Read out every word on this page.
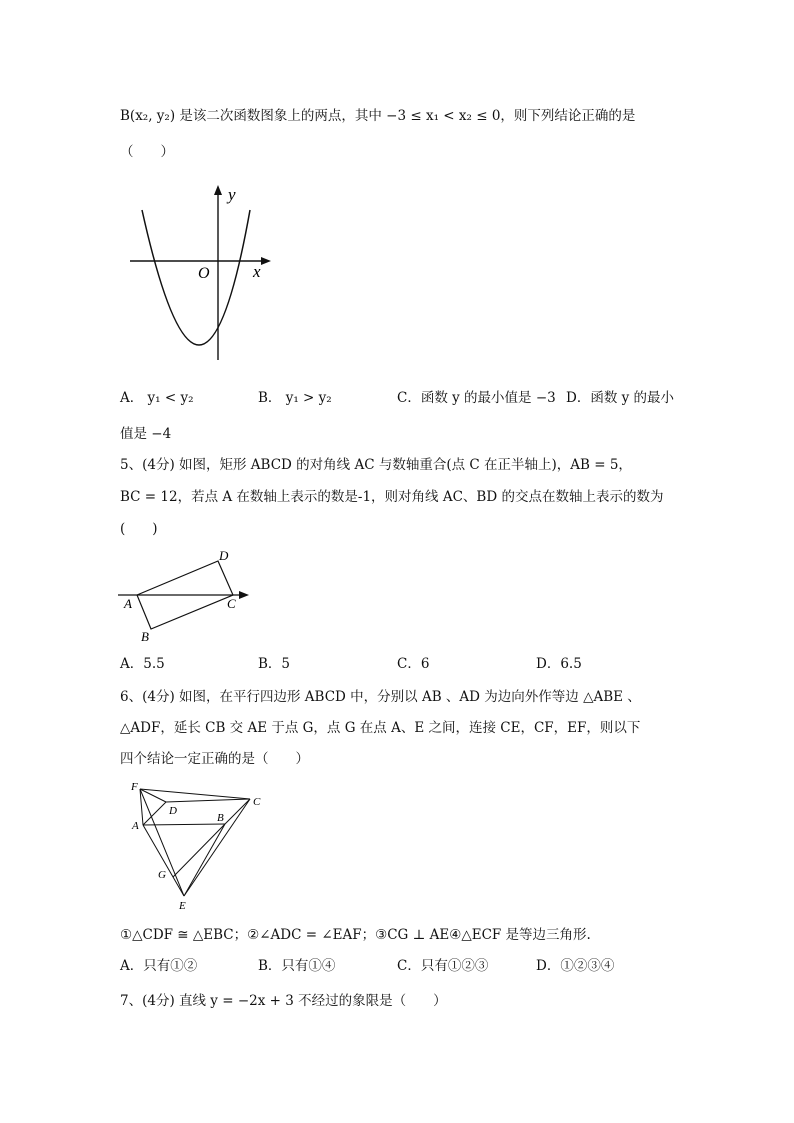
B(x₂, y₂) 是该二次函数图象上的两点，其中 −3 ≤ x₁ < x₂ ≤ 0，则下列结论正确的是
（　　）
y
x
O
A． y₁ < y₂	B． y₁ > y₂	C．函数 y 的最小值是 −3 D．函数 y 的最小
值是 −4
5、(4分) 如图，矩形 ABCD 的对角线 AC 与数轴重合(点 C 在正半轴上)，AB = 5，
BC = 12，若点 A 在数轴上表示的数是-1，则对角线 AC、BD 的交点在数轴上表示的数为
(　　)
A
B
C
D
A．5.5	B．5	C．6	D．6.5
6、(4分) 如图，在平行四边形 ABCD 中，分别以 AB 、AD 为边向外作等边 △ABE 、
△ADF，延长 CB 交 AE 于点 G，点 G 在点 A、E 之间，连接 CE，CF，EF，则以下
四个结论一定正确的是（　　）
F
D
C
A
B
G
E
①△CDF ≅ △EBC；②∠ADC = ∠EAF；③CG ⊥ AE④△ECF 是等边三角形.
A．只有①②	B．只有①④	C．只有①②③	D．①②③④
7、(4分) 直线 y = −2x + 3 不经过的象限是（　　）
